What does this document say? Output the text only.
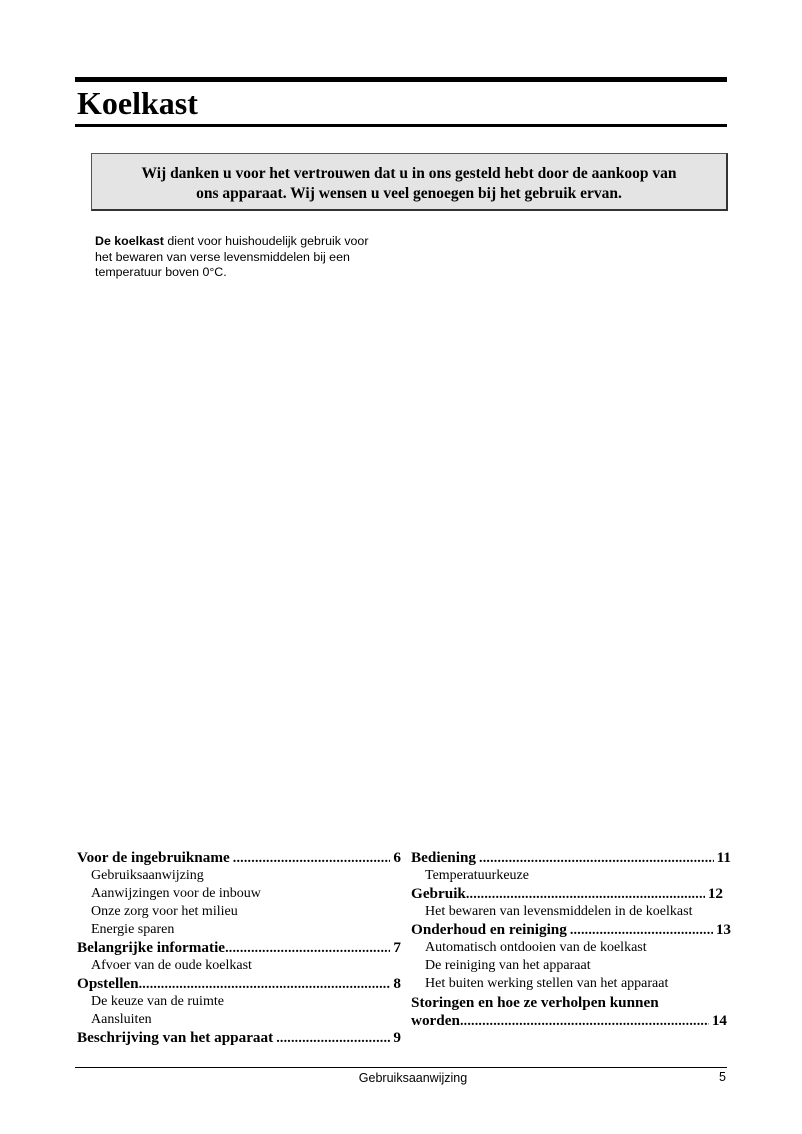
Koelkast
Wij danken u voor het vertrouwen dat u in ons gesteld hebt door de aankoop van
ons apparaat. Wij wensen u veel genoegen bij het gebruik ervan.

De koelkast dient voor huishoudelijk gebruik voor
het bewaren van verse levensmiddelen bij een
temperatuur boven 0°C.

Voor de ingebruikname .....	6
Gebruiksaanwijzing
Aanwijzingen voor de inbouw
Onze zorg voor het milieu
Energie sparen
Belangrijke informatie .....	7
Afvoer van de oude koelkast
Opstellen .....	8
De keuze van de ruimte
Aansluiten
Beschrijving van het apparaat .....	9
Bediening .....	11
Temperatuurkeuze
Gebruik .....	12
Het bewaren van levensmiddelen in de koelkast
Onderhoud en reiniging .....	13
Automatisch ontdooien van de koelkast
De reiniging van het apparaat
Het buiten werking stellen van het apparaat
Storingen en hoe ze verholpen kunnen
worden .....	14
Gebruiksaanwijzing	5
